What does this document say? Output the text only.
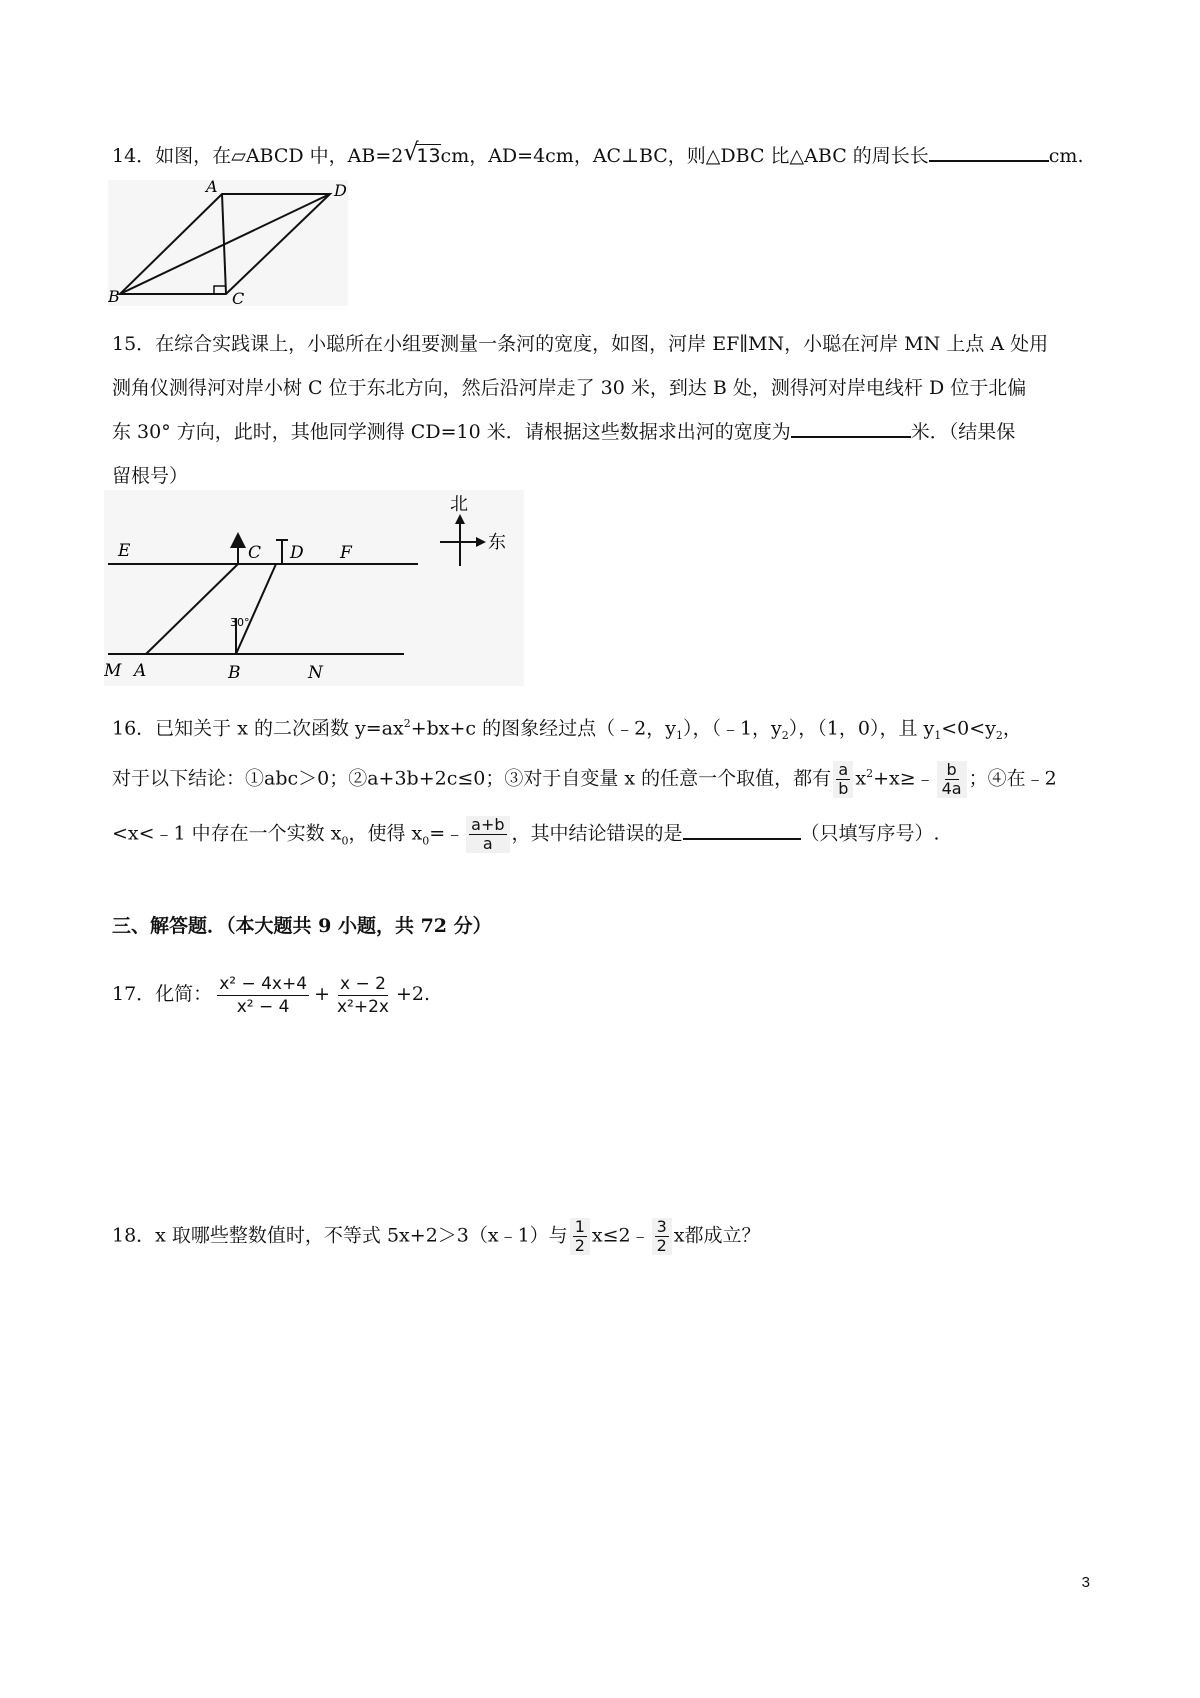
14．如图，在▱ABCD 中，AB=2 √
13cm，AD=4cm，AC⊥BC，则△DBC 比△ABC 的周长长	cm.
A	D
B	C
15．在综合实践课上，小聪所在小组要测量一条河的宽度，如图，河岸 EF∥MN，小聪在河岸 MN 上点 A 处用
测角仪测得河对岸小树 C 位于东北方向，然后沿河岸走了 30 米，到达 B 处，测得河对岸电线杆 D 位于北偏
东 30° 方向，此时，其他同学测得 CD=10 米．请根据这些数据求出河的宽度为	米．（结果保
留根号）
E	C D F
M A	B	N
30°
北
东
16．已知关于 x 的二次函数 $y=ax^2+bx+c$ 的图象经过点（﹣2，$y_1$），（﹣1，$y_2$），（1，0），且 $y_1<0<y_2$，
对于以下结论：①abc＞0；②a+3b+2c≤0；③对于自变量 x 的任意一个取值，都有 $\frac{a}{b}$ $x^2+x\ge﹣ \frac{b}{4a}$ ；④在﹣2
<x<﹣1 中存在一个实数 $x_0$，使得 $x_0=﹣ \frac{a+b}{a}$ ，其中结论错误的是	（只填写序号）.
三、解答题．（本大题共 9 小题，共 72 分）
17．化简： $\frac{\text{x² − 4x+4}}{\text{x² − 4}} + \frac{x - 2}{\text{x²+2x}} +2$.
18．x 取哪些整数值时，不等式 5x+2＞3（x﹣1）与 $\frac{1}{2}$ x≤2﹣ $\frac{3}{2}$ x都成立？
3
